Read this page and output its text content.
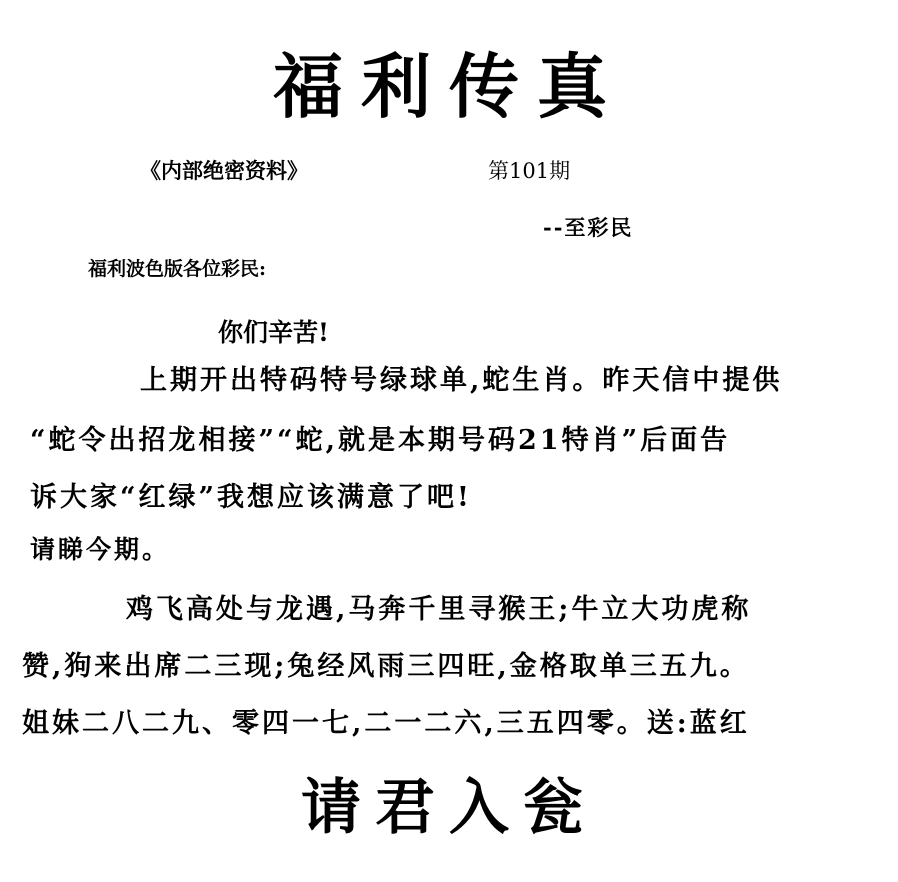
福利传真
《内部绝密资料》	第101期
--至彩民
福利波色版各位彩民:
你们辛苦!
上期开出特码特号绿球单,蛇生肖。昨天信中提供
“蛇令出招龙相接”“蛇,就是本期号码21特肖”后面告
诉大家“红绿”我想应该满意了吧!
请睇今期。
鸡飞高处与龙遇,马奔千里寻猴王;牛立大功虎称
赞,狗来出席二三现;兔经风雨三四旺,金格取单三五九。
姐妹二八二九、零四一七,二一二六,三五四零。送:蓝红
请君入瓮
